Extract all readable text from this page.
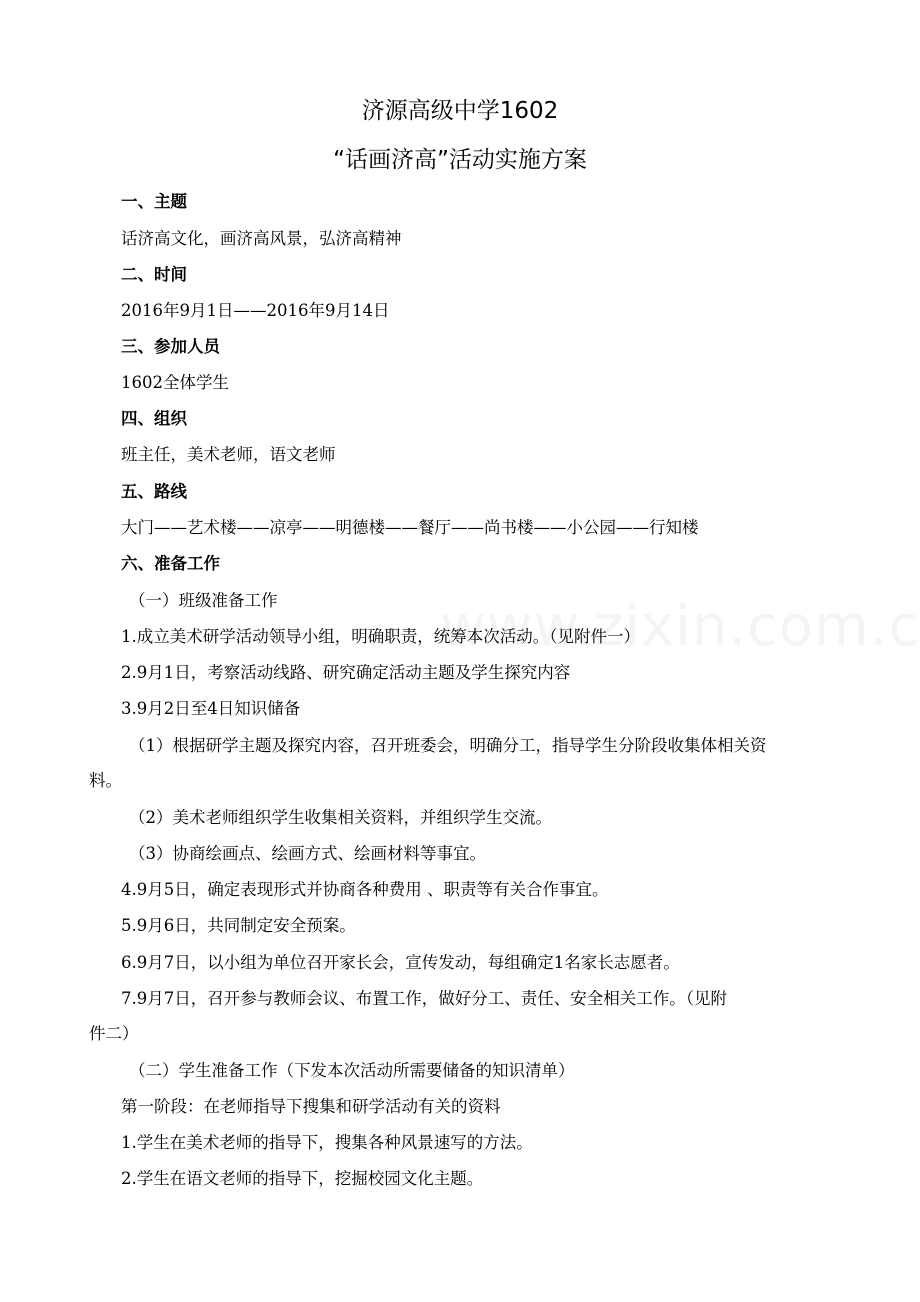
济源高级中学1602
“话画济高”活动实施方案
一、主题
话济高文化，画济高风景，弘济高精神
二、时间
2016年9月1日——2016年9月14日
三、参加人员
1602全体学生
四、组织
班主任，美术老师，语文老师
五、路线
大门——艺术楼——凉亭——明德楼——餐厅——尚书楼——小公园——行知楼
六、准备工作
（一）班级准备工作
1.成立美术研学活动领导小组，明确职责，统筹本次活动。（见附件一）
2.9月1日，考察活动线路、研究确定活动主题及学生探究内容
3.9月2日至4日知识储备
（1）根据研学主题及探究内容，召开班委会，明确分工，指导学生分阶段收集体相关资
料。
（2）美术老师组织学生收集相关资料，并组织学生交流。
（3）协商绘画点、绘画方式、绘画材料等事宜。
4.9月5日，确定表现形式并协商各种费用 、职责等有关合作事宜。
5.9月6日，共同制定安全预案。
6.9月7日，以小组为单位召开家长会，宣传发动，每组确定1名家长志愿者。
7.9月7日，召开参与教师会议、布置工作，做好分工、责任、安全相关工作。（见附
件二）
（二）学生准备工作（下发本次活动所需要储备的知识清单）
第一阶段：在老师指导下搜集和研学活动有关的资料
1.学生在美术老师的指导下，搜集各种风景速写的方法。
2.学生在语文老师的指导下，挖掘校园文化主题。
